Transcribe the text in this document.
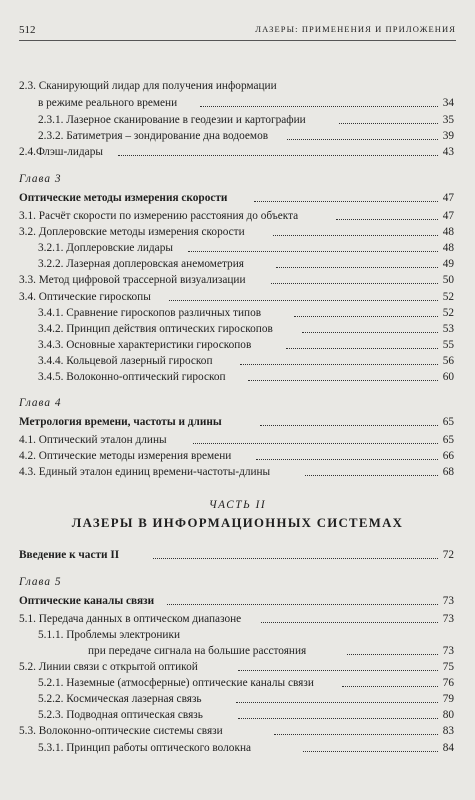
512	ЛАЗЕРЫ: ПРИМЕНЕНИЯ И ПРИЛОЖЕНИЯ
2.3. Сканирующий лидар для получения информации
в режиме реального времени	34
2.3.1. Лазерное сканирование в геодезии и картографии	35
2.3.2. Батиметрия – зондирование дна водоемов	39
2.4.Флэш-лидары	43
Глава 3
Оптические методы измерения скорости	47
3.1. Расчёт скорости по измерению расстояния до объекта	47
3.2. Доплеровские методы измерения скорости	48
3.2.1. Доплеровские лидары	48
3.2.2. Лазерная доплеровская анемометрия	49
3.3. Метод цифровой трассерной визуализации	50
3.4. Оптические гироскопы	52
3.4.1. Сравнение гироскопов различных типов	52
3.4.2. Принцип действия оптических гироскопов	53
3.4.3. Основные характеристики гироскопов	55
3.4.4. Кольцевой лазерный гироскоп	56
3.4.5. Волоконно-оптический гироскоп	60
Глава 4
Метрология времени, частоты и длины	65
4.1. Оптический эталон длины	65
4.2. Оптические методы измерения времени	66
4.3. Единый эталон единиц времени-частоты-длины	68
ЧАСТЬ II
ЛАЗЕРЫ В ИНФОРМАЦИОННЫХ СИСТЕМАХ
Введение к части II	72
Глава 5
Оптические каналы связи	73
5.1. Передача данных в оптическом диапазоне	73
5.1.1. Проблемы электроники
при передаче сигнала на большие расстояния	73
5.2. Линии связи с открытой оптикой	75
5.2.1. Наземные (атмосферные) оптические каналы связи	76
5.2.2. Космическая лазерная связь	79
5.2.3. Подводная оптическая связь	80
5.3. Волоконно-оптические системы связи	83
5.3.1. Принцип работы оптического волокна	84
